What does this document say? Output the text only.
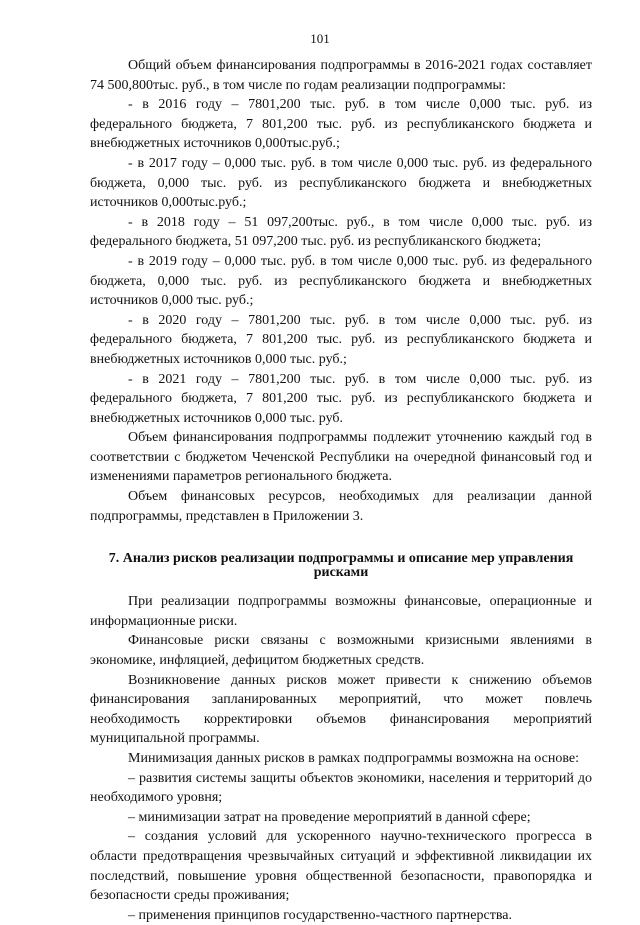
101

Общий объем финансирования подпрограммы в 2016-2021 годах составляет 74 500,800тыс. руб., в том числе по годам реализации подпрограммы:

- в 2016 году – 7801,200 тыс. руб. в том числе 0,000 тыс. руб. из федерального бюджета, 7 801,200 тыс. руб. из республиканского бюджета и внебюджетных источников 0,000тыс.руб.;

- в 2017 году – 0,000 тыс. руб. в том числе 0,000 тыс. руб. из федерального бюджета, 0,000 тыс. руб. из республиканского бюджета и внебюджетных источников 0,000тыс.руб.;

- в 2018 году – 51 097,200тыс. руб., в том числе 0,000 тыс. руб. из федерального бюджета, 51 097,200 тыс. руб. из республиканского бюджета;

- в 2019 году – 0,000 тыс. руб. в том числе 0,000 тыс. руб. из федерального бюджета, 0,000 тыс. руб. из республиканского бюджета и внебюджетных источников 0,000 тыс. руб.;

- в 2020 году – 7801,200 тыс. руб. в том числе 0,000 тыс. руб. из федерального бюджета, 7 801,200 тыс. руб. из республиканского бюджета и внебюджетных источников 0,000 тыс. руб.;

- в 2021 году – 7801,200 тыс. руб. в том числе 0,000 тыс. руб. из федерального бюджета, 7 801,200 тыс. руб. из республиканского бюджета и внебюджетных источников 0,000 тыс. руб.

Объем финансирования подпрограммы подлежит уточнению каждый год в соответствии с бюджетом Чеченской Республики на очередной финансовый год и изменениями параметров регионального бюджета.

Объем финансовых ресурсов, необходимых для реализации данной подпрограммы, представлен в Приложении 3.

7. Анализ рисков реализации подпрограммы и описание мер управления рисками

При реализации подпрограммы возможны финансовые, операционные и информационные риски.

Финансовые риски связаны с возможными кризисными явлениями в экономике, инфляцией, дефицитом бюджетных средств.

Возникновение данных рисков может привести к снижению объемов финансирования запланированных мероприятий, что может повлечь необходимость корректировки объемов финансирования мероприятий муниципальной программы.

Минимизация данных рисков в рамках подпрограммы возможна на основе:

– развития системы защиты объектов экономики, населения и территорий до необходимого уровня;

– минимизации затрат на проведение мероприятий в данной сфере;

– создания условий для ускоренного научно-технического прогресса в области предотвращения чрезвычайных ситуаций и эффективной ликвидации их последствий, повышение уровня общественной безопасности, правопорядка и безопасности среды проживания;

– применения принципов государственно-частного партнерства.
